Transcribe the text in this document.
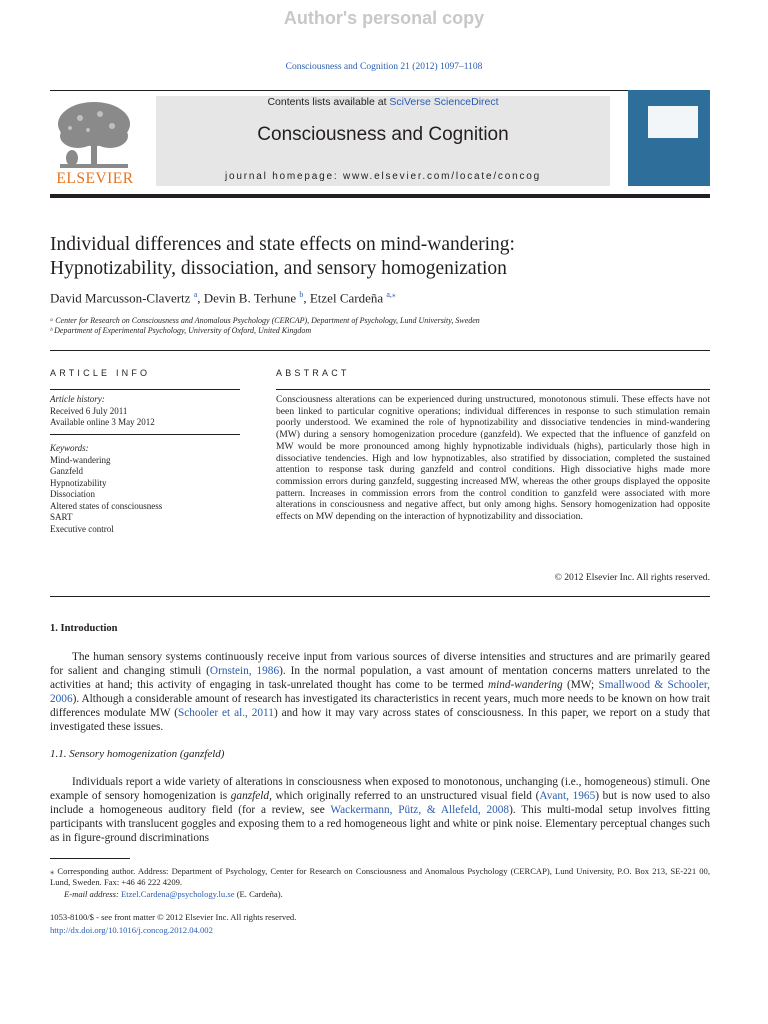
Author's personal copy
Consciousness and Cognition 21 (2012) 1097–1108
ELSEVIER
Contents lists available at SciVerse ScienceDirect
Consciousness and Cognition
journal homepage: www.elsevier.com/locate/concog
Individual differences and state effects on mind-wandering:
Hypnotizability, dissociation, and sensory homogenization
David Marcusson-Clavertz $^a$, Devin B. Terhune $^b$, Etzel Cardeña $^{a,⁎}$
ᵃ Center for Research on Consciousness and Anomalous Psychology (CERCAP), Department of Psychology, Lund University, Sweden
ᵇ Department of Experimental Psychology, University of Oxford, United Kingdom
ARTICLE INFO
Article history:
Received 6 July 2011
Available online 3 May 2012
Keywords:
Mind-wandering
Ganzfeld
Hypnotizability
Dissociation
Altered states of consciousness
SART
Executive control
ABSTRACT
Consciousness alterations can be experienced during unstructured, monotonous stimuli. These effects have not been linked to particular cognitive operations; individual differences in response to such stimulation remain poorly understood. We examined the role of hypnotizability and dissociative tendencies in mind-wandering (MW) during a sensory homogenization procedure (ganzfeld). We expected that the influence of ganzfeld on MW would be more pronounced among highly hypnotizable individuals (highs), particularly those high in dissociative tendencies. High and low hypnotizables, also stratified by dissociation, completed the sustained attention to response task during ganzfeld and control conditions. High dissociative highs made more commission errors during ganzfeld, suggesting increased MW, whereas the other groups displayed the opposite pattern. Increases in commission errors from the control condition to ganzfeld were associated with more alterations in consciousness and negative affect, but only among highs. Sensory homogenization had opposite effects on MW depending on the interaction of hypnotizability and dissociation.
© 2012 Elsevier Inc. All rights reserved.
1. Introduction
The human sensory systems continuously receive input from various sources of diverse intensities and structures and are primarily geared for salient and changing stimuli (Ornstein, 1986). In the normal population, a vast amount of mentation concerns matters unrelated to the activities at hand; this activity of engaging in task-unrelated thought has come to be termed mind-wandering (MW; Smallwood & Schooler, 2006). Although a considerable amount of research has investigated its characteristics in recent years, much more needs to be known on how trait differences modulate MW (Schooler et al., 2011) and how it may vary across states of consciousness. In this paper, we report on a study that investigated these issues.
1.1. Sensory homogenization (ganzfeld)
Individuals report a wide variety of alterations in consciousness when exposed to monotonous, unchanging (i.e., homogeneous) stimuli. One example of sensory homogenization is ganzfeld, which originally referred to an unstructured visual field (Avant, 1965) but is now used to also include a homogeneous auditory field (for a review, see Wackermann, Pütz, & Allefeld, 2008). This multi-modal setup involves fitting participants with translucent goggles and exposing them to a red homogeneous light and white or pink noise. Elementary perceptual changes such as in figure-ground discriminations
⁎ Corresponding author. Address: Department of Psychology, Center for Research on Consciousness and Anomalous Psychology (CERCAP), Lund University, P.O. Box 213, SE-221 00, Lund, Sweden. Fax: +46 46 222 4209.
E-mail address: Etzel.Cardena@psychology.lu.se (E. Cardeña).
1053-8100/$ - see front matter © 2012 Elsevier Inc. All rights reserved.
http://dx.doi.org/10.1016/j.concog.2012.04.002
